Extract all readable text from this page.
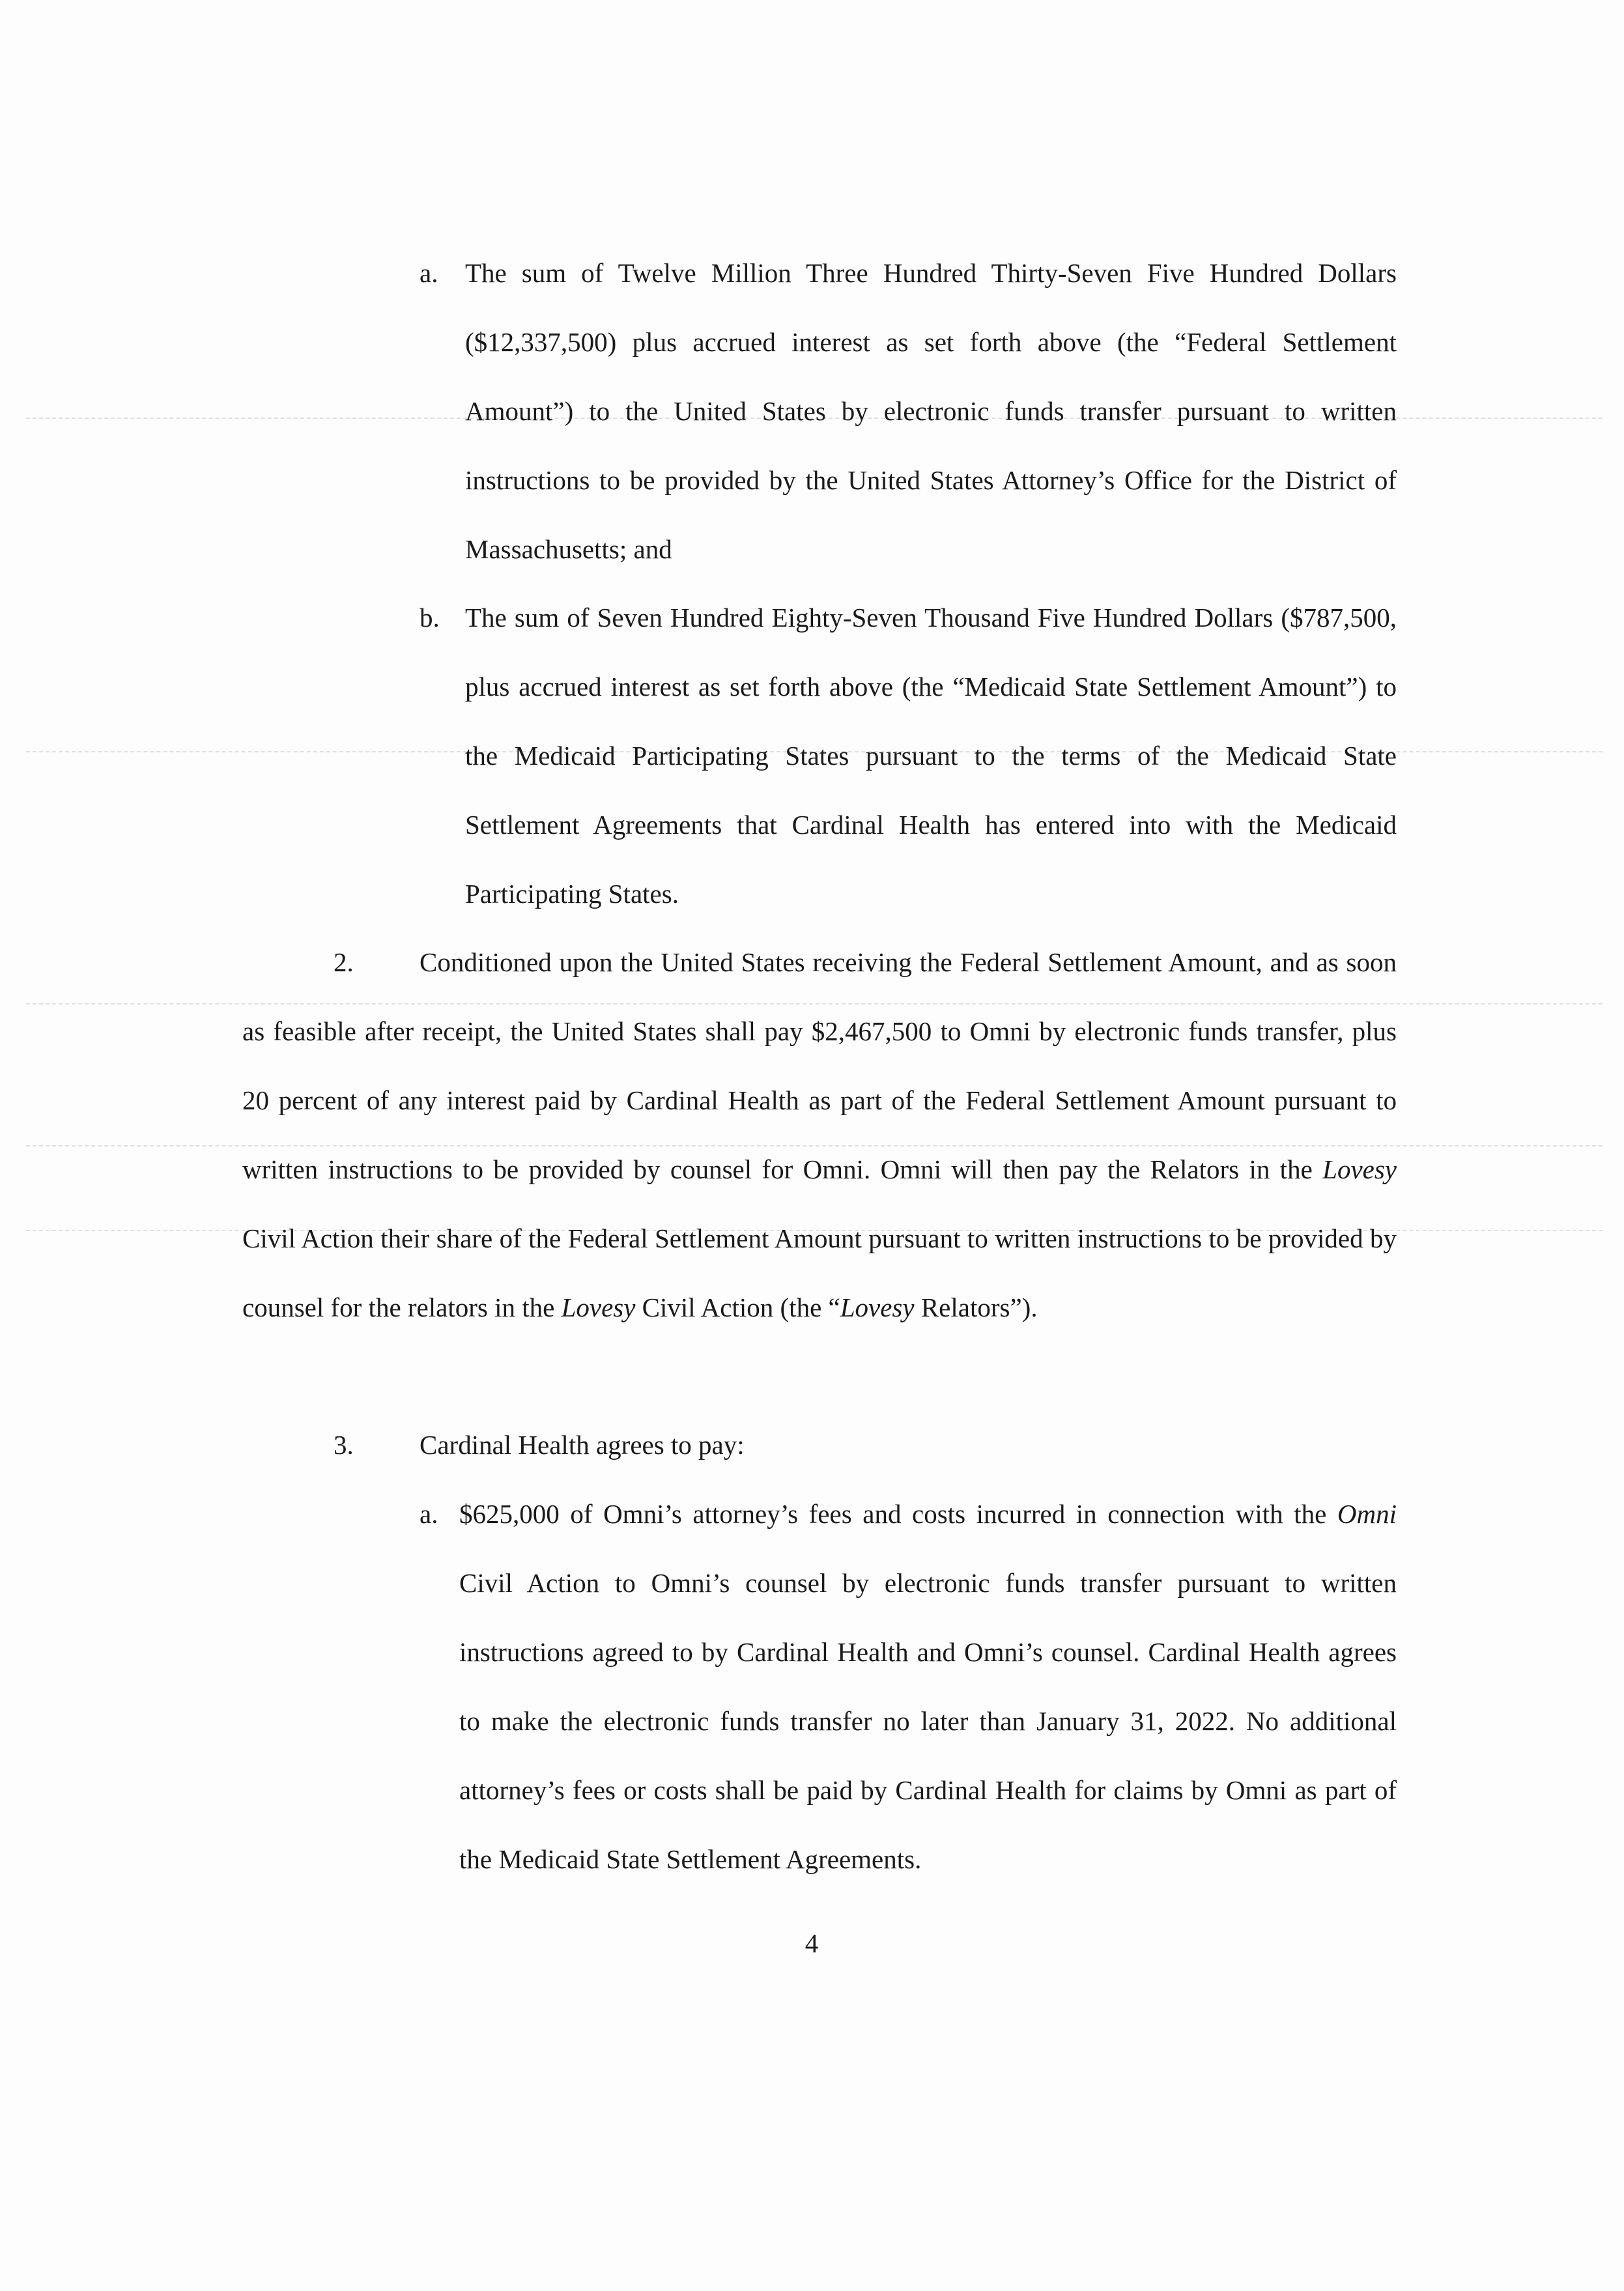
a. The sum of Twelve Million Three Hundred Thirty-Seven Five Hundred Dollars ($12,337,500) plus accrued interest as set forth above (the “Federal Settlement Amount”) to the United States by electronic funds transfer pursuant to written instructions to be provided by the United States Attorney’s Office for the District of Massachusetts; and

b. The sum of Seven Hundred Eighty-Seven Thousand Five Hundred Dollars ($787,500, plus accrued interest as set forth above (the “Medicaid State Settlement Amount”) to the Medicaid Participating States pursuant to the terms of the Medicaid State Settlement Agreements that Cardinal Health has entered into with the Medicaid Participating States.

2.	Conditioned upon the United States receiving the Federal Settlement Amount, and as soon as feasible after receipt, the United States shall pay $2,467,500 to Omni by electronic funds transfer, plus 20 percent of any interest paid by Cardinal Health as part of the Federal Settlement Amount pursuant to written instructions to be provided by counsel for Omni. Omni will then pay the Relators in the Lovesy Civil Action their share of the Federal Settlement Amount pursuant to written instructions to be provided by counsel for the relators in the Lovesy Civil Action (the “Lovesy Relators”).

3. Cardinal Health agrees to pay:

a. $625,000 of Omni’s attorney’s fees and costs incurred in connection with the Omni Civil Action to Omni’s counsel by electronic funds transfer pursuant to written instructions agreed to by Cardinal Health and Omni’s counsel. Cardinal Health agrees to make the electronic funds transfer no later than January 31, 2022. No additional attorney’s fees or costs shall be paid by Cardinal Health for claims by Omni as part of the Medicaid State Settlement Agreements.

4
